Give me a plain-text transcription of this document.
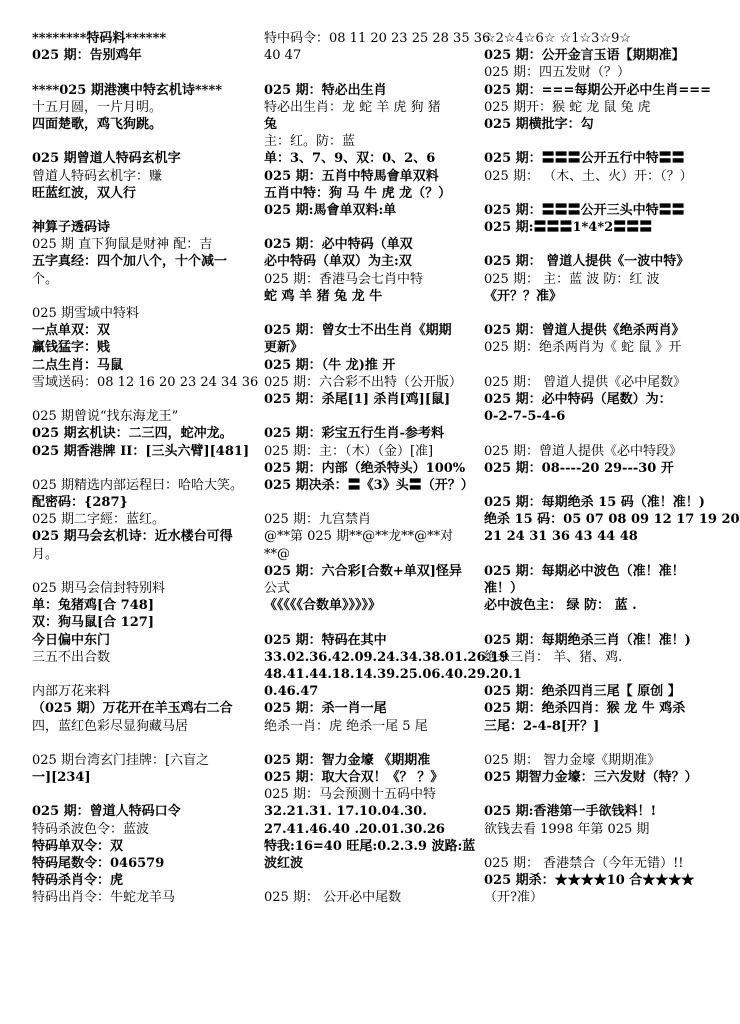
********特码料******
025 期：告别鸡年
****025 期港澳中特玄机诗****
十五月圆，一片月明。
四面楚歌，鸡飞狗跳。
025 期曾道人特码玄机字
曾道人特码玄机字：赚
旺蓝红波，双人行
神算子透码诗
025 期 直下狗鼠是财神 配：吉
五字真经：四个加八个，十个减一
个。
025 期雪域中特料
一点单双：双
赢钱猛字：贱
二点生肖：马鼠
雪域送码：08 12 16 20 23 24 34 36
025 期曾说“找东海龙王”
025 期玄机诀：二三四，蛇冲龙。
025 期香港牌 II：[三头六臂][481]
025 期精选内部运程曰：哈哈大笑。
配密码：{287}
025 期二字經：蓝红。
025 期马会玄机诗：近水楼台可得
月。
025 期马会信封特别料
单：兔猪鸡[合 748]
双：狗马鼠[合 127]
今日偏中东门
三五不出合数
内部万花来料
（025 期）万花开在羊玉鸡右二合
四，蓝红色彩尽显狗藏马居
025 期台湾玄门挂牌：[六盲之
一][234]
025 期：曾道人特码口令
特码杀波色令：蓝波
特码单双令：双
特码尾数令：046579
特码杀肖令：虎
特码出肖令：牛蛇龙羊马
特中码令：08 11 20 23 25 28 35 36
40 47
025 期：特必出生肖
特必出生肖：龙 蛇 羊 虎 狗 猪
兔
主：红。防：蓝
单：3、7、9、双：0、2、6
025 期：五肖中特馬會单双料
五肖中特：狗 马 牛 虎 龙（？）
025 期:馬會单双料:单
025 期：必中特码（单双
必中特码（单双）为主:双
025 期：香港马会七肖中特
蛇 鸡 羊 猪 兔 龙 牛
025 期：曾女士不出生肖《期期
更新》
025 期：（牛 龙)推 开
025 期：六合彩不出特（公开版）
025 期：杀尾[1] 杀肖[鸡][鼠]
025 期：彩宝五行生肖-参考料
025 期：主：（木）（金）[准]
025 期：内部（绝杀特头）100%
025 期决杀：〓《3》头〓（开？）
025 期：九宫禁肖
@**第 025 期**@**龙**@**对
**@
025 期：六合彩[合数+单双]怪异
公式
《《《《《合数单》》》》》
025 期：特码在其中
33.02.36.42.09.24.34.38.01.26.19
48.41.44.18.14.39.25.06.40.29.20.1
0.46.47
025 期：杀一肖一尾
绝杀一肖：虎 绝杀一尾 5 尾
025 期：智力金壕 《期期准
025 期：取大合双！《？ ？》
025 期：马会预测十五码中特
32.21.31. 17.10.04.30.
27.41.46.40 .20.01.30.26
特我:16=40 旺尾:0.2.3.9 波路:蓝
波红波
025 期： 公开必中尾数
☆2☆4☆6☆ ☆1☆3☆9☆
025 期：公开金言玉语【期期准】
025 期：四五发财（？）
025 期：===每期公开必中生肖===
025 期开：猴 蛇 龙 鼠 兔 虎
025 期横批字：勾
025 期：〓〓〓公开五行中特〓〓
025 期： （木、土、火）开：（？）
025 期：〓〓〓公开三头中特〓〓
025 期:〓〓〓1*4*2〓〓〓
025 期： 曾道人提供《一波中特》
025 期： 主：蓝 波 防：红 波
《开？？准》
025 期：曾道人提供《绝杀两肖》
025 期：绝杀两肖为《 蛇 鼠 》开
025 期： 曾道人提供《必中尾数》
025 期：必中特码（尾数）为：
0-2-7-5-4-6
025 期：曾道人提供《必中特段》
025 期：08----20 29---30 开
025 期：每期绝杀 15 码（准！准！)
绝杀 15 码：05 07 08 09 12 17 19 20
21 24 31 36 43 44 48
025 期：每期必中波色（准！准！
准！）
必中波色主： 绿 防： 蓝 .
025 期：每期绝杀三肖（准！准！)
绝杀三肖： 羊、猪、鸡.
025 期：绝杀四肖三尾【 原创 】
025 期：绝杀四肖：猴 龙 牛 鸡杀
三尾：2-4-8[开？]
025 期： 智力金壕《期期准》
025 期智力金壕：三六发财（特？）
025 期:香港第一手欲钱料！!
欲钱去看 1998 年第 025 期
025 期： 香港禁合（今年无错）!!
025 期杀：★★★★10 合★★★★
（开?准）
